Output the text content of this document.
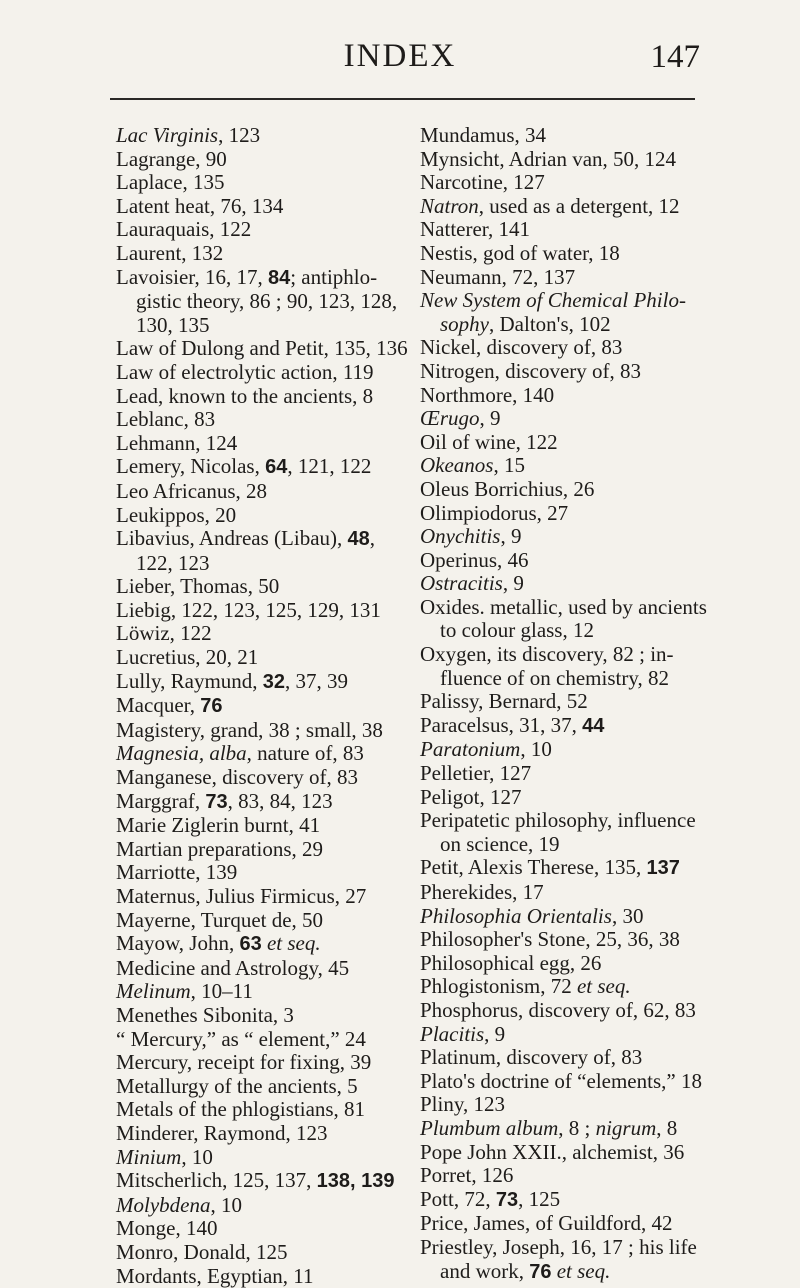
INDEX	147

Lac Virginis, 123

Lagrange, 90

Laplace, 135

Latent heat, 76, 134

Lauraquais, 122

Laurent, 132

Lavoisier, 16, 17, 84; antiphlo-gistic theory, 86 ; 90, 123, 128, 130, 135

Law of Dulong and Petit, 135, 136

Law of electrolytic action, 119

Lead, known to the ancients, 8

Leblanc, 83

Lehmann, 124

Lemery, Nicolas, 64, 121, 122

Leo Africanus, 28

Leukippos, 20

Libavius, Andreas (Libau), 48, 122, 123

Lieber, Thomas, 50

Liebig, 122, 123, 125, 129, 131

Löwiz, 122

Lucretius, 20, 21

Lully, Raymund, 32, 37, 39

Macquer, 76

Magistery, grand, 38 ; small, 38

Magnesia, alba, nature of, 83

Manganese, discovery of, 83

Marggraf, 73, 83, 84, 123

Marie Ziglerin burnt, 41

Martian preparations, 29

Marriotte, 139

Maternus, Julius Firmicus, 27

Mayerne, Turquet de, 50

Mayow, John, 63 et seq.

Medicine and Astrology, 45

Melinum, 10–11

Menethes Sibonita, 3

“ Mercury,” as “ element,” 24

Mercury, receipt for fixing, 39

Metallurgy of the ancients, 5

Metals of the phlogistians, 81

Minderer, Raymond, 123

Minium, 10

Mitscherlich, 125, 137, 138, 139

Molybdena, 10

Monge, 140

Monro, Donald, 125

Mordants, Egyptian, 11

Mundamus, 34

Mynsicht, Adrian van, 50, 124

Narcotine, 127

Natron, used as a detergent, 12

Natterer, 141

Nestis, god of water, 18

Neumann, 72, 137

New System of Chemical Philo-sophy, Dalton's, 102

Nickel, discovery of, 83

Nitrogen, discovery of, 83

Northmore, 140

Œrugo, 9

Oil of wine, 122

Okeanos, 15

Oleus Borrichius, 26

Olimpiodorus, 27

Onychitis, 9

Operinus, 46

Ostracitis, 9

Oxides. metallic, used by ancients to colour glass, 12

Oxygen, its discovery, 82 ; in-fluence of on chemistry, 82

Palissy, Bernard, 52

Paracelsus, 31, 37, 44

Paratonium, 10

Pelletier, 127

Peligot, 127

Peripatetic philosophy, influence on science, 19

Petit, Alexis Therese, 135, 137

Pherekides, 17

Philosophia Orientalis, 30

Philosopher's Stone, 25, 36, 38

Philosophical egg, 26

Phlogistonism, 72 et seq.

Phosphorus, discovery of, 62, 83

Placitis, 9

Platinum, discovery of, 83

Plato's doctrine of “elements,” 18

Pliny, 123

Plumbum album, 8 ; nigrum, 8

Pope John XXII., alchemist, 36

Porret, 126

Pott, 72, 73, 125

Price, James, of Guildford, 42

Priestley, Joseph, 16, 17 ; his life and work, 76 et seq.
